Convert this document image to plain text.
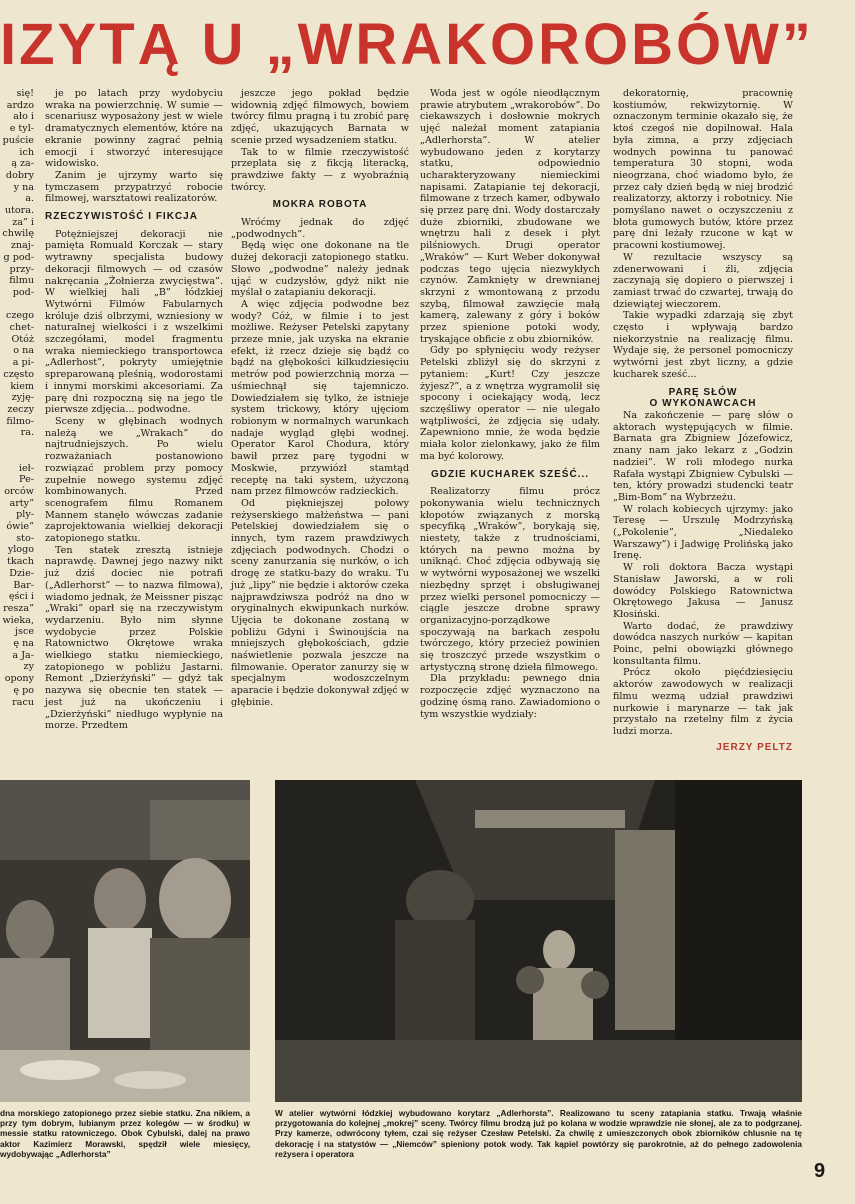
IZYTĄ U „WRAKOROBÓW”
się!
ardzo
ało i
e tyl-
puście
ich
ą za-
dobry
y na
a.
utora.
za” i
chwilę
znaj-
g pod-
przy-
filmu
pod-

czego
chet-
Otóż
o na
a pi-
często
kiem
zyję-
zeczy
filmo-
ra.

ieł-
Pe-
orców
arty”
ply-
ówie”
sto-
ylogo
tkach
Dzie-
Bar-
ęści i
resza”
wieka,
jsce
ę na
a Ja-
zy
opony
ę po
racu

je po latach przy wydobyciu wraka na powierzchnię. W sumie — scenariusz wyposażony jest w wiele dramatycznych elementów, które na ekranie powinny zagrać pełnią emocji i stworzyć interesujące widowisko.

Zanim je ujrzymy warto się tymczasem przypatrzyć robocie filmowej, warsztatowi realizatorów.

RZECZYWISTOŚĆ I FIKCJA

Potężniejszej dekoracji nie pamięta Romuald Korczak — stary wytrawny specjalista budowy dekoracji filmowych — od czasów nakręcania „Żołnierza zwycięstwa”. W wielkiej hali „B” łódzkiej Wytwórni Filmów Fabularnych króluje dziś olbrzymi, wzniesiony w naturalnej wielkości i z wszelkimi szczegółami, model fragmentu wraka niemieckiego transportowca „Adlerhost”, pokryty umiejętnie spreparowaną pleśnią, wodorostami i innymi morskimi akcesoriami. Za parę dni rozpoczną się na jego tle pierwsze zdjęcia... podwodne.

Sceny w głębinach wodnych należą we „Wrakach” do najtrudniejszych. Po wielu rozważaniach postanowiono rozwiązać problem przy pomocy zupełnie nowego systemu zdjęć kombinowanych. Przed scenografem filmu Romanem Mannem stanęło wówczas zadanie zaprojektowania wielkiej dekoracji zatopionego statku.

Ten statek zresztą istnieje naprawdę. Dawnej jego nazwy nikt już dziś dociec nie potrafi („Adlerhorst” — to nazwa filmowa), wiadomo jednak, że Meissner pisząc „Wraki” oparł się na rzeczywistym wydarzeniu. Było nim słynne wydobycie przez Polskie Ratownictwo Okrętowe wraka wielkiego statku niemieckiego, zatopionego w pobliżu Jastarni. Remont „Dzierżyński” — gdyż tak nazywa się obecnie ten statek — jest już na ukończeniu i „Dzierżyński” niedługo wypłynie na morze. Przedtem

jeszcze jego pokład będzie widownią zdjęć filmowych, bowiem twórcy filmu pragną i tu zrobić parę zdjęć, ukazujących Barnata w scenie przed wysadzeniem statku.

Tak to w filmie rzeczywistość przeplata się z fikcją literacką, prawdziwe fakty — z wyobraźnią twórcy.

MOKRA ROBOTA

Wróćmy jednak do zdjęć „podwodnych”.

Będą więc one dokonane na tle dużej dekoracji zatopionego statku. Słowo „podwodne” należy jednak ująć w cudzysłów, gdyż nikt nie myślał o zatapianiu dekoracji.

A więc zdjęcia podwodne bez wody? Cóż, w filmie i to jest możliwe. Reżyser Petelski zapytany przeze mnie, jak uzyska na ekranie efekt, iż rzecz dzieje się bądź co bądź na głębokości kilkudziesięciu metrów pod powierzchnią morza — uśmiechnął się tajemniczo. Dowiedziałem się tylko, że istnieje system trickowy, który ujęciom robionym w normalnych warunkach nadaje wygląd głębi wodnej. Operator Karol Chodura, który bawił przez parę tygodni w Moskwie, przywiózł stamtąd receptę na taki system, użyczoną nam przez filmowców radzieckich.

Od piękniejszej połowy reżyserskiego małżeństwa — pani Petelskiej dowiedziałem się o innych, tym razem prawdziwych zdjęciach podwodnych. Chodzi o sceny zanurzania się nurków, o ich drogę ze statku-bazy do wraku. Tu już „lipy” nie będzie i aktorów czeka najprawdziwsza podróż na dno w oryginalnych ekwipunkach nurków. Ujęcia te dokonane zostaną w pobliżu Gdyni i Świnoujścia na mniejszych głębokościach, gdzie naświetlenie pozwala jeszcze na filmowanie. Operator zanurzy się w specjalnym wodoszczelnym aparacie i będzie dokonywał zdjęć w głębinie.

Woda jest w ogóle nieodłącznym prawie atrybutem „wrakorobów”. Do ciekawszych i dosłownie mokrych ujęć należał moment zatapiania „Adlerhorsta”. W atelier wybudowano jeden z korytarzy statku, odpowiednio ucharakteryzowany niemieckimi napisami. Zatapianie tej dekoracji, filmowane z trzech kamer, odbywało się przez parę dni. Wody dostarczały duże zbiorniki, zbudowane we wnętrzu hali z desek i płyt pilśniowych. Drugi operator „Wraków” — Kurt Weber dokonywał podczas tego ujęcia niezwykłych czynów. Zamknięty w drewnianej skrzyni z wmontowaną z przodu szybą, filmował zawzięcie małą kamerą, zalewany z góry i boków przez spienione potoki wody, tryskające obficie z obu zbiorników.

Gdy po spłynięciu wody reżyser Petelski zbliżył się do skrzyni z pytaniem: „Kurt! Czy jeszcze żyjesz?”, a z wnętrza wygramolił się spocony i ociekający wodą, lecz szczęśliwy operator — nie ulegało wątpliwości, że zdjęcia się udały. Zapewniono mnie, że woda będzie miała kolor zielonkawy, jako że film ma być kolorowy.

GDZIE KUCHAREK SZEŚĆ...

Realizatorzy filmu prócz pokonywania wielu technicznych kłopotów związanych z morską specyfiką „Wraków”, borykają się, niestety, także z trudnościami, których na pewno można by uniknąć. Choć zdjęcia odbywają się w wytwórni wyposażonej we wszelki niezbędny sprzęt i obsługiwanej przez wielki personel pomocniczy — ciągle jeszcze drobne sprawy organizacyjno-porządkowe spoczywają na barkach zespołu twórczego, który przecież powinien się troszczyć przede wszystkim o artystyczną stronę dzieła filmowego.

Dla przykładu: pewnego dnia rozpoczęcie zdjęć wyznaczono na godzinę ósmą rano. Zawiadomiono o tym wszystkie wydziały:

dekoratornię, pracownię kostiumów, rekwizytornię. W oznaczonym terminie okazało się, że ktoś czegoś nie dopilnował. Hala była zimna, a przy zdjęciach wodnych powinna tu panować temperatura 30 stopni, woda nieogrzana, choć wiadomo było, że przez cały dzień będą w niej brodzić realizatorzy, aktorzy i robotnicy. Nie pomyślano nawet o oczyszczeniu z błota gumowych butów, które przez parę dni leżały rzucone w kąt w pracowni kostiumowej.

W rezultacie wszyscy są zdenerwowani i źli, zdjęcia zaczynają się dopiero o pierwszej i zamiast trwać do czwartej, trwają do dziewiątej wieczorem.

Takie wypadki zdarzają się zbyt często i wpływają bardzo niekorzystnie na realizację filmu. Wydaje się, że personel pomocniczy wytwórni jest zbyt liczny, a gdzie kucharek sześć...

PARĘ SŁÓW
O WYKONAWCACH

Na zakończenie — parę słów o aktorach występujących w filmie. Barnata gra Zbigniew Józefowicz, znany nam jako lekarz z „Godzin nadziei”. W roli młodego nurka Rafała wystąpi Zbigniew Cybulski — ten, który prowadzi studencki teatr „Bim-Bom” na Wybrzeżu.

W rolach kobiecych ujrzymy: jako Teresę — Urszulę Modrzyńską („Pokolenie”, „Niedaleko Warszawy”) i Jadwigę Prolińską jako Irenę.

W roli doktora Bacza wystąpi Stanisław Jaworski, a w roli dowódcy Polskiego Ratownictwa Okrętowego Jakusa — Janusz Kłosiński.

Warto dodać, że prawdziwy dowódca naszych nurków — kapitan Poinc, pełni obowiązki głównego konsultanta filmu.

Prócz około pięćdziesięciu aktorów zawodowych w realizacji filmu wezmą udział prawdziwi nurkowie i marynarze — tak jak przystało na rzetelny film z życia ludzi morza.

JERZY PELTZ
dna morskiego zatopionego przez siebie statku. Zna nikiem, a przy tym dobrym, lubianym przez kolegów — w środku) w messie statku ratowniczego. Obok Cybulski, dalej na prawo aktor Kazimierz Morawski, spędził wiele miesięcy, wydobywając „Adlerhorsta”
W atelier wytwórni łódzkiej wybudowano korytarz „Adlerhorsta”. Realizowano tu sceny zatapiania statku. Trwają właśnie przygotowania do kolejnej „mokrej” sceny. Twórcy filmu brodzą już po kolana w wodzie wprawdzie nie słonej, ale za to podgrzanej. Przy kamerze, odwrócony tyłem, czai się reżyser Czesław Petelski. Za chwilę z umieszczonych obok zbiorników chlusnie na tę dekorację i na statystów — „Niemców” spieniony potok wody. Tak kąpiel powtórzy się parokrotnie, aż do pełnego zadowolenia reżysera i operatora
9
